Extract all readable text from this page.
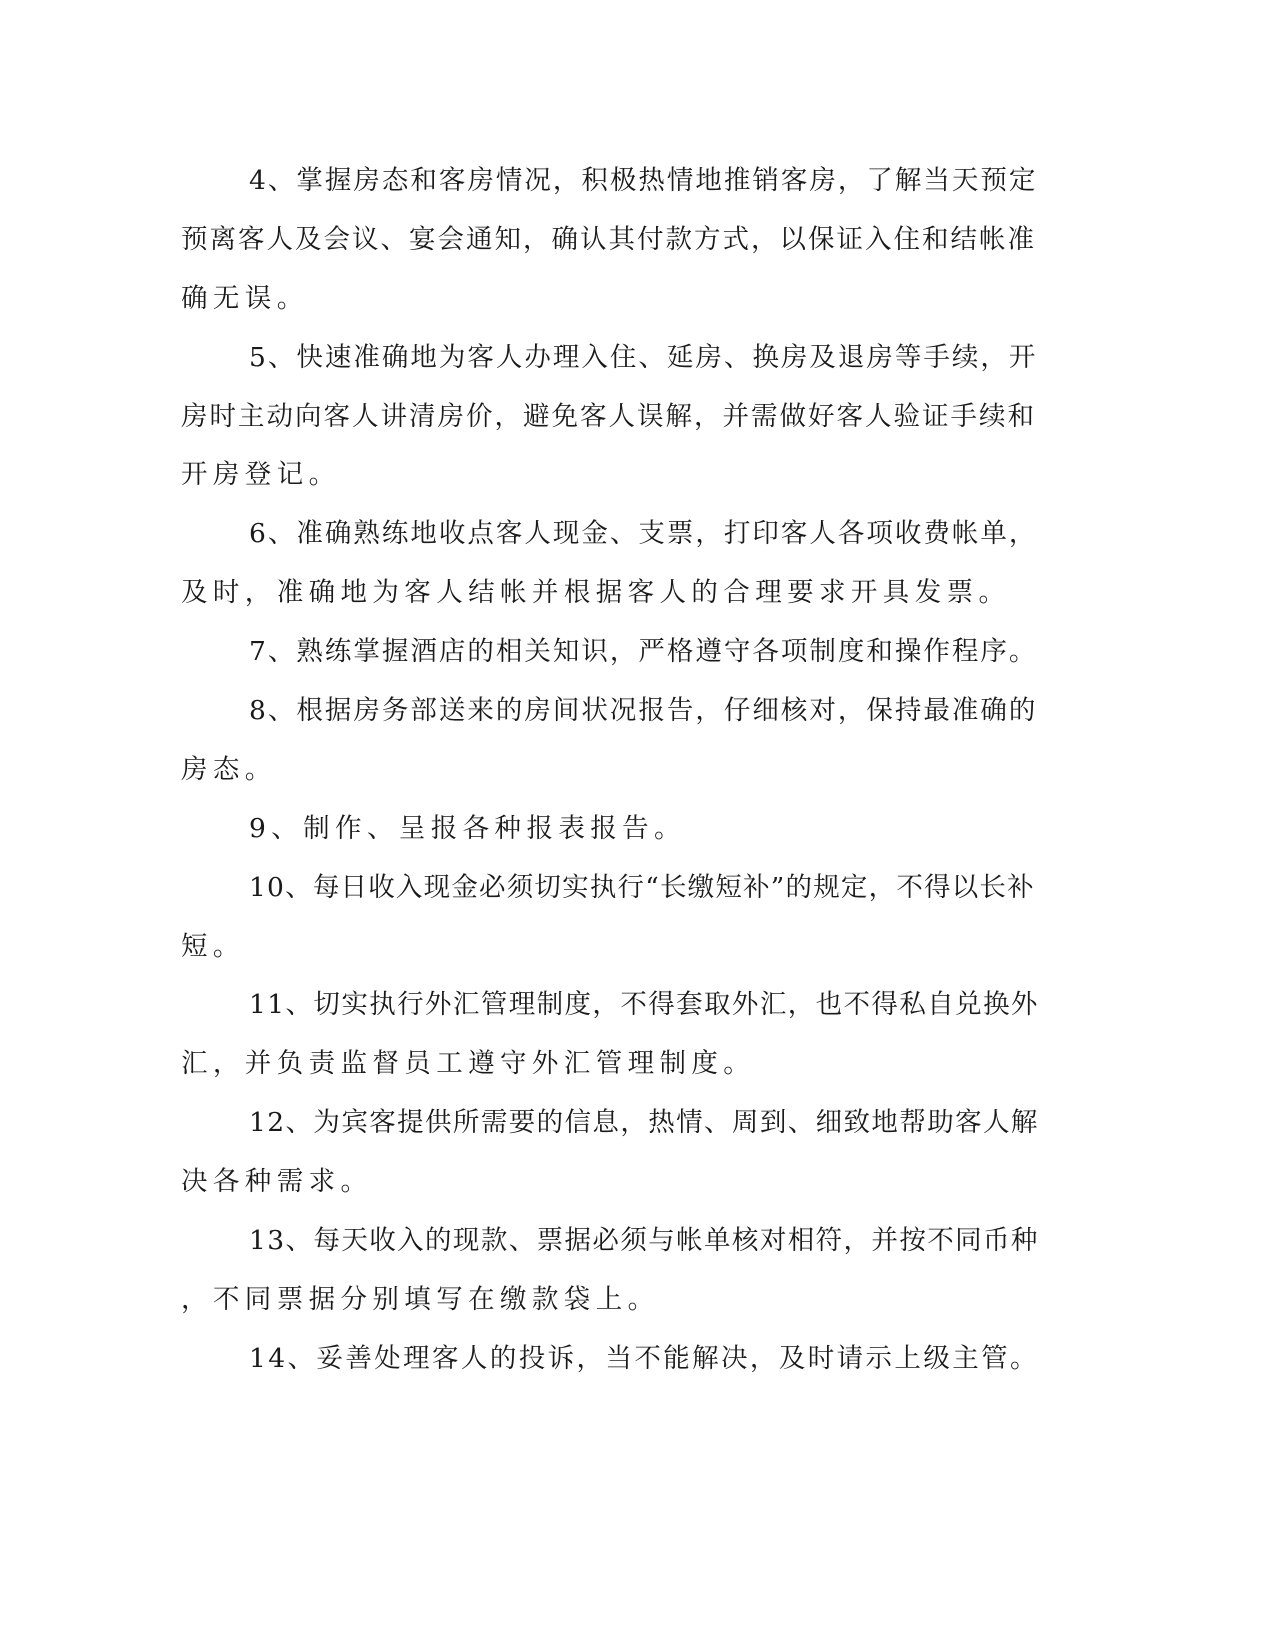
4、掌握房态和客房情况，积极热情地推销客房，了解当天预定

预离客人及会议、宴会通知，确认其付款方式，以保证入住和结帐准

确无误。

5、快速准确地为客人办理入住、延房、换房及退房等手续，开

房时主动向客人讲清房价，避免客人误解，并需做好客人验证手续和

开房登记。

6、准确熟练地收点客人现金、支票，打印客人各项收费帐单，

及时，准确地为客人结帐并根据客人的合理要求开具发票。

7、熟练掌握酒店的相关知识，严格遵守各项制度和操作程序。

8、根据房务部送来的房间状况报告，仔细核对，保持最准确的

房态。

9、制作、呈报各种报表报告。

10、每日收入现金必须切实执行“长缴短补”的规定，不得以长补

短。

11、切实执行外汇管理制度，不得套取外汇，也不得私自兑换外

汇，并负责监督员工遵守外汇管理制度。

12、为宾客提供所需要的信息，热情、周到、细致地帮助客人解

决各种需求。

13、每天收入的现款、票据必须与帐单核对相符，并按不同币种

，不同票据分别填写在缴款袋上。

14、妥善处理客人的投诉，当不能解决，及时请示上级主管。
